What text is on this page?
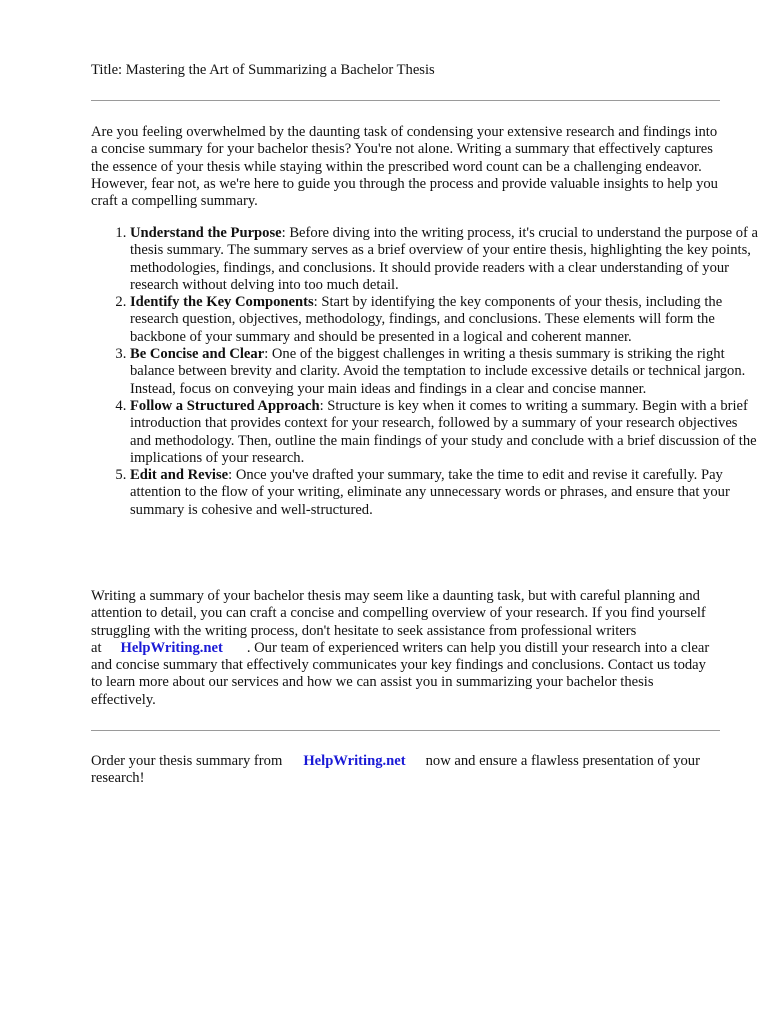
Title: Mastering the Art of Summarizing a Bachelor Thesis

Are you feeling overwhelmed by the daunting task of condensing your extensive research and findings into a concise summary for your bachelor thesis? You're not alone. Writing a summary that effectively captures the essence of your thesis while staying within the prescribed word count can be a challenging endeavor. However, fear not, as we're here to guide you through the process and provide valuable insights to help you craft a compelling summary.

1. Understand the Purpose: Before diving into the writing process, it's crucial to understand the purpose of a thesis summary. The summary serves as a brief overview of your entire thesis, highlighting the key points, methodologies, findings, and conclusions. It should provide readers with a clear understanding of your research without delving into too much detail.
2. Identify the Key Components: Start by identifying the key components of your thesis, including the research question, objectives, methodology, findings, and conclusions. These elements will form the backbone of your summary and should be presented in a logical and coherent manner.
3. Be Concise and Clear: One of the biggest challenges in writing a thesis summary is striking the right balance between brevity and clarity. Avoid the temptation to include excessive details or technical jargon. Instead, focus on conveying your main ideas and findings in a clear and concise manner.
4. Follow a Structured Approach: Structure is key when it comes to writing a summary. Begin with a brief introduction that provides context for your research, followed by a summary of your research objectives and methodology. Then, outline the main findings of your study and conclude with a brief discussion of the implications of your research.
5. Edit and Revise: Once you've drafted your summary, take the time to edit and revise it carefully. Pay attention to the flow of your writing, eliminate any unnecessary words or phrases, and ensure that your summary is cohesive and well-structured.

Writing a summary of your bachelor thesis may seem like a daunting task, but with careful planning and attention to detail, you can craft a concise and compelling overview of your research. If you find yourself struggling with the writing process, don't hesitate to seek assistance from professional writers at HelpWriting.net . Our team of experienced writers can help you distill your research into a clear and concise summary that effectively communicates your key findings and conclusions. Contact us today to learn more about our services and how we can assist you in summarizing your bachelor thesis effectively.

Order your thesis summary from HelpWriting.net now and ensure a flawless presentation of your research!
